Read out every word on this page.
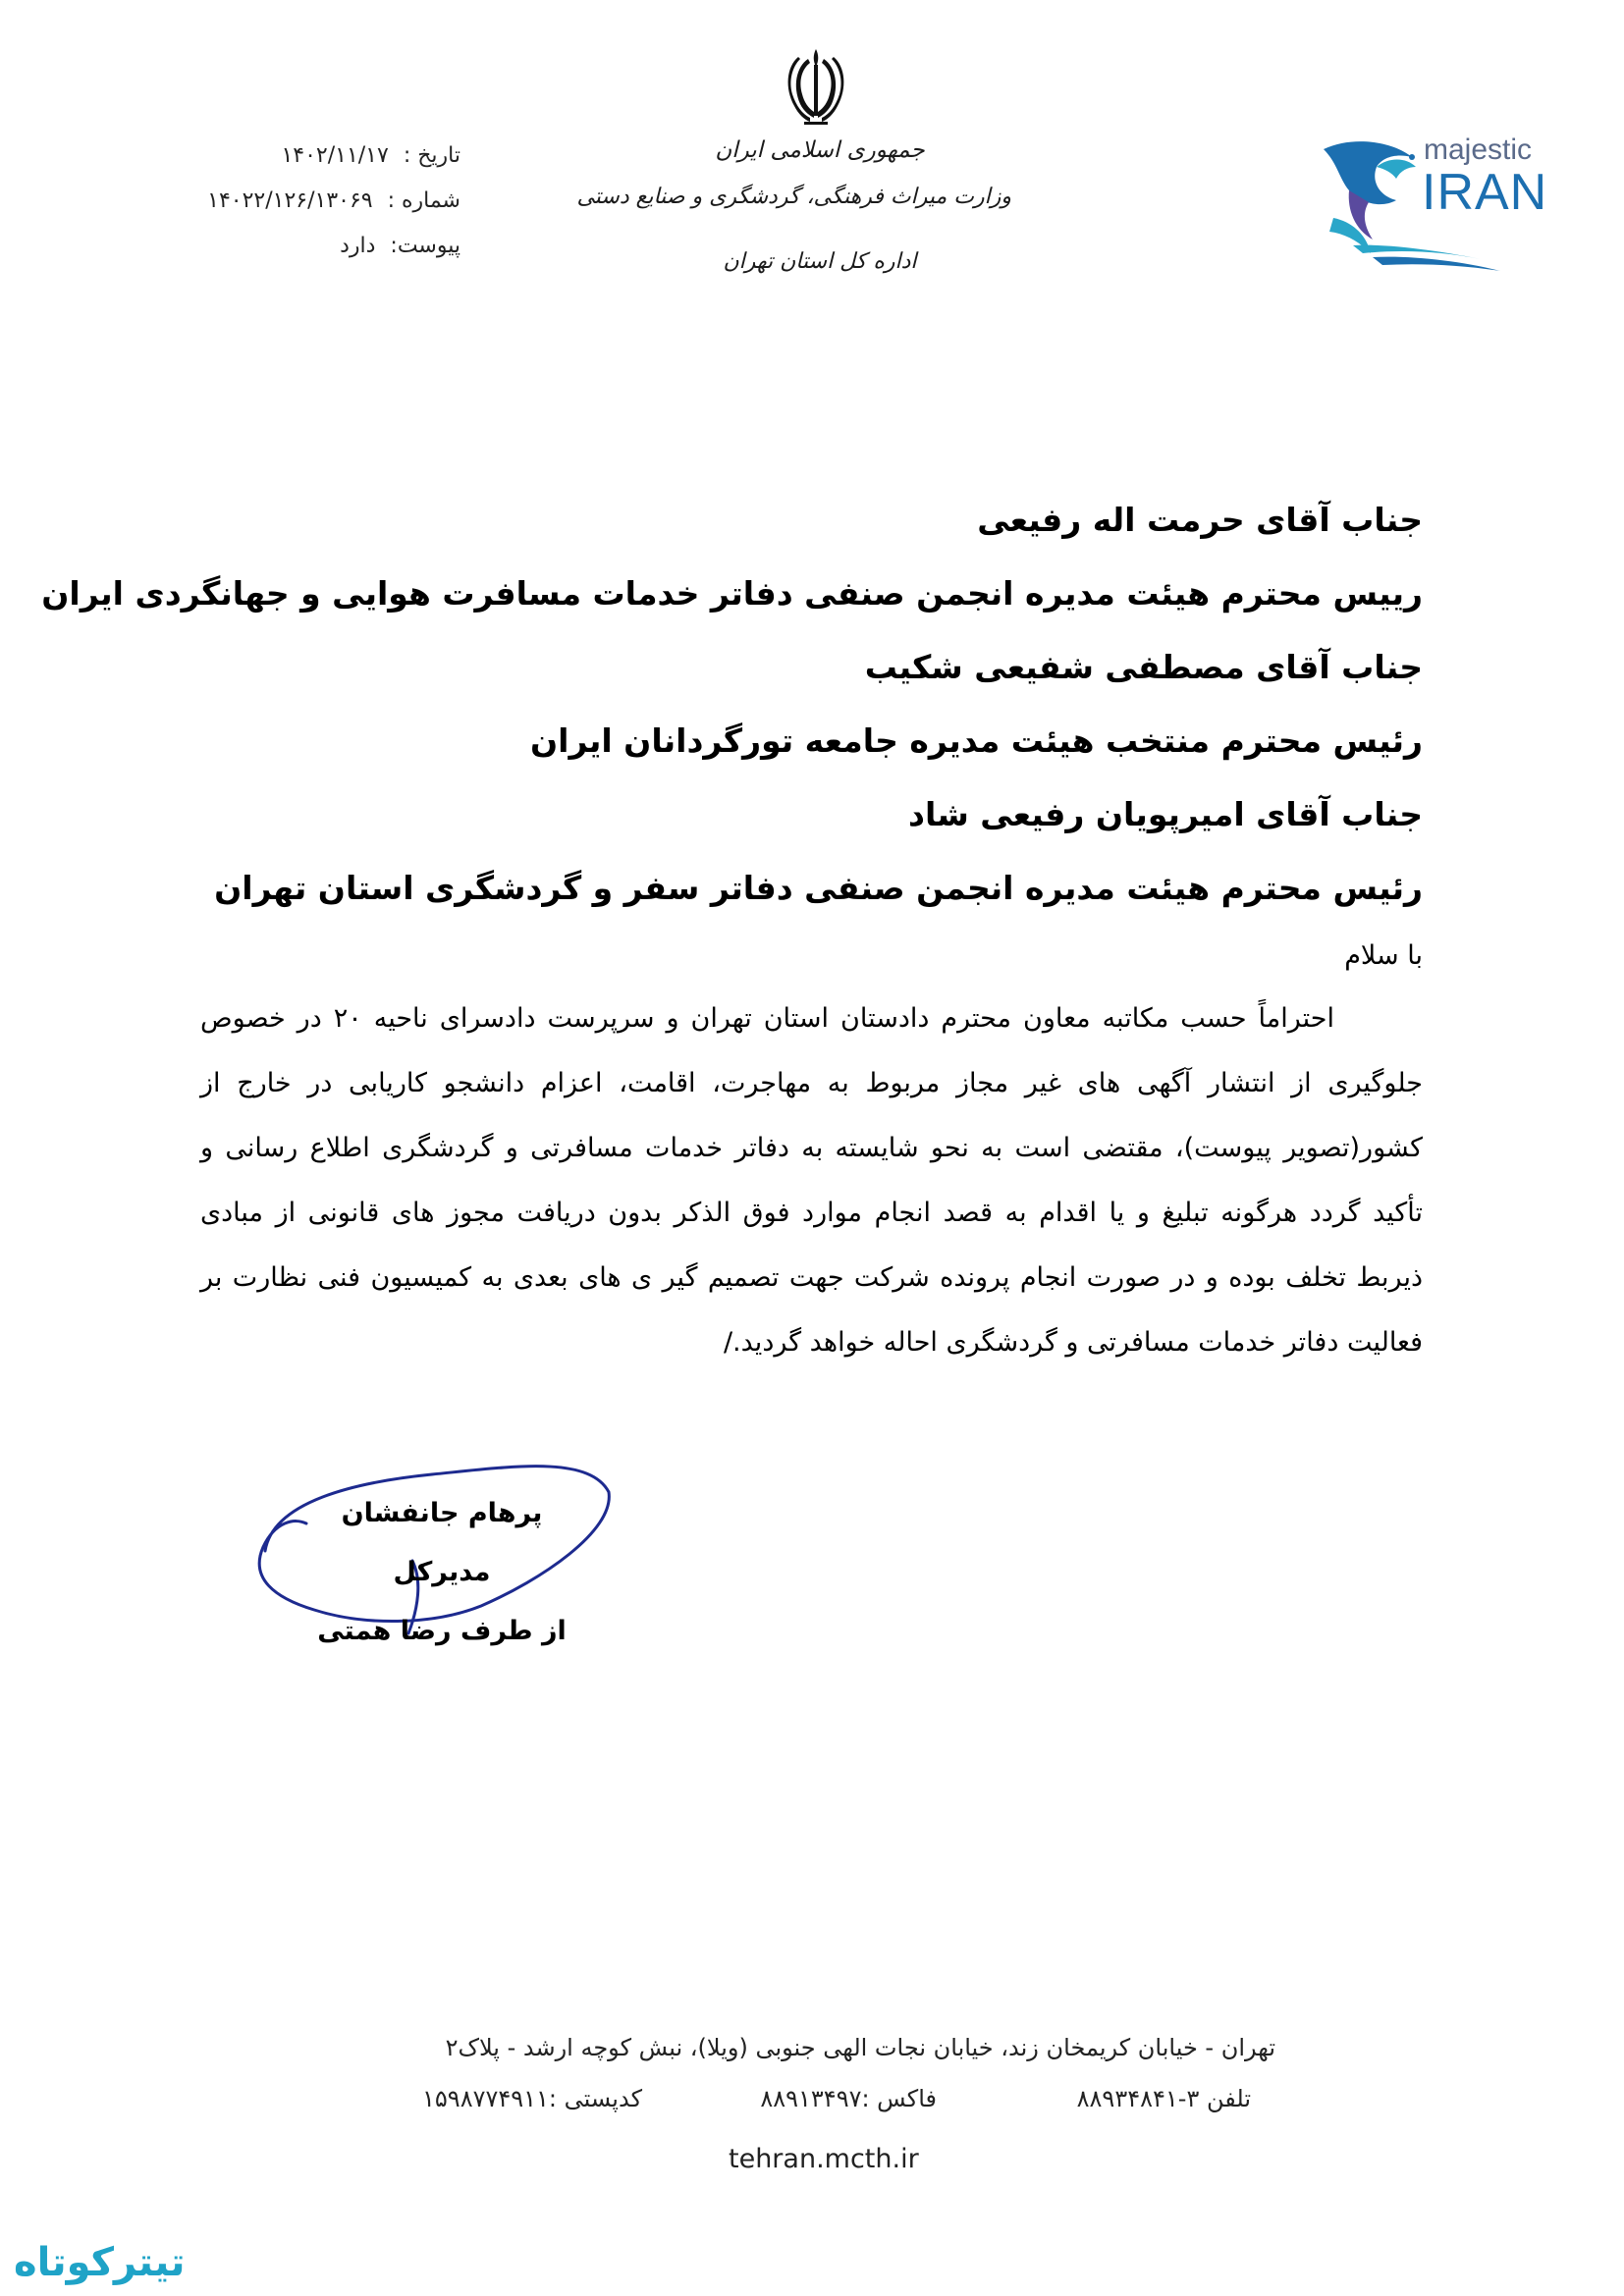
تاریخ : ۱۴۰۲/۱۱/۱۷
شماره : ۱۴۰۲۲/۱۲۶/۱۳۰۶۹
پیوست: دارد
جمهوری اسلامی ایران
وزارت میراث فرهنگی، گردشگری و صنایع دستی
اداره کل استان تهران
majestic
IRAN
جناب آقای حرمت اله رفیعی
رییس محترم هیئت مدیره انجمن صنفی دفاتر خدمات مسافرت هوایی و جهانگردی ایران
جناب آقای مصطفی شفیعی شکیب
رئیس محترم منتخب هیئت مدیره جامعه تورگردانان ایران
جناب آقای امیرپویان رفیعی شاد
رئیس محترم هیئت مدیره انجمن صنفی دفاتر سفر و گردشگری استان تهران
با سلام
احتراماً حسب مکاتبه معاون محترم دادستان استان تهران و سرپرست دادسرای ناحیه ۲۰ در خصوص جلوگیری از انتشار آگهی های غیر مجاز مربوط به مهاجرت، اقامت، اعزام دانشجو کاریابی در خارج از کشور(تصویر پیوست)، مقتضی است به نحو شایسته به دفاتر خدمات مسافرتی و گردشگری اطلاع رسانی و تأکید گردد هرگونه تبلیغ و یا اقدام به قصد انجام موارد فوق الذکر بدون دریافت مجوز های قانونی از مبادی ذیربط تخلف بوده و در صورت انجام پرونده شرکت جهت تصمیم گیر ی های بعدی به کمیسیون فنی نظارت بر فعالیت دفاتر خدمات مسافرتی و گردشگری احاله خواهد گردید./
پرهام جانفشان
مدیرکل
از طرف رضا همتی
تهران - خیابان کریمخان زند، خیابان نجات الهی جنوبی (ویلا)، نبش کوچه ارشد - پلاک۲
تلفن ۳-۸۸۹۳۴۸۴۱
فاکس :۸۸۹۱۳۴۹۷
کدپستی :۱۵۹۸۷۷۴۹۱۱
tehran.mcth.ir
تیترکوتاه
